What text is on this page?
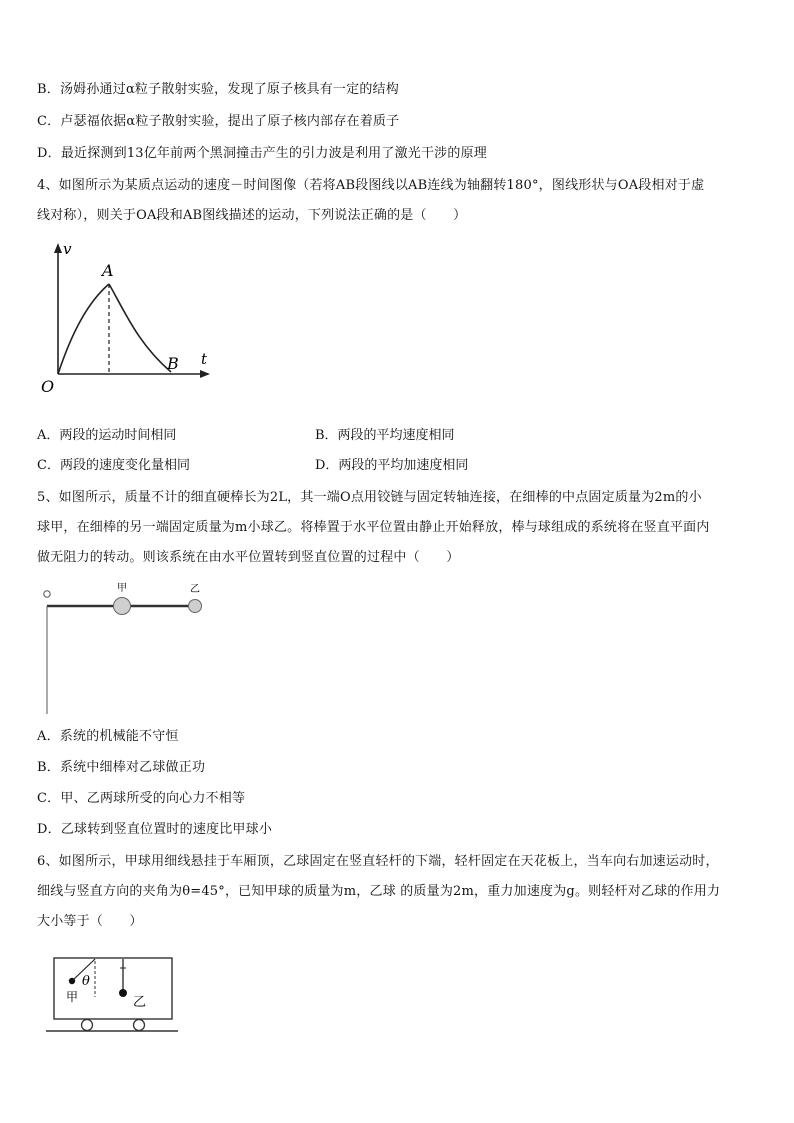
B．汤姆孙通过α粒子散射实验，发现了原子核具有一定的结构
C．卢瑟福依据α粒子散射实验，提出了原子核内部存在着质子
D．最近探测到13亿年前两个黑洞撞击产生的引力波是利用了激光干涉的原理
4、如图所示为某质点运动的速度－时间图像（若将AB段图线以AB连线为轴翻转180°，图线形状与OA段相对于虚
线对称），则关于OA段和AB图线描述的运动，下列说法正确的是（　　）
v
t
O
A
B
A．两段的运动时间相同	B．两段的平均速度相同
C．两段的速度变化量相同	D．两段的平均加速度相同
5、如图所示，质量不计的细直硬棒长为2L，其一端O点用铰链与固定转轴连接，在细棒的中点固定质量为2m的小
球甲，在细棒的另一端固定质量为m小球乙。将棒置于水平位置由静止开始释放，棒与球组成的系统将在竖直平面内
做无阻力的转动。则该系统在由水平位置转到竖直位置的过程中（　　）
甲	乙
A．系统的机械能不守恒
B．系统中细棒对乙球做正功
C．甲、乙两球所受的向心力不相等
D．乙球转到竖直位置时的速度比甲球小
6、如图所示，甲球用细线悬挂于车厢顶，乙球固定在竖直轻杆的下端，轻杆固定在天花板上，当车向右加速运动时，
细线与竖直方向的夹角为θ=45°，已知甲球的质量为m，乙球 的质量为2m，重力加速度为g。则轻杆对乙球的作用力
大小等于（　　）
θ
甲	乙
